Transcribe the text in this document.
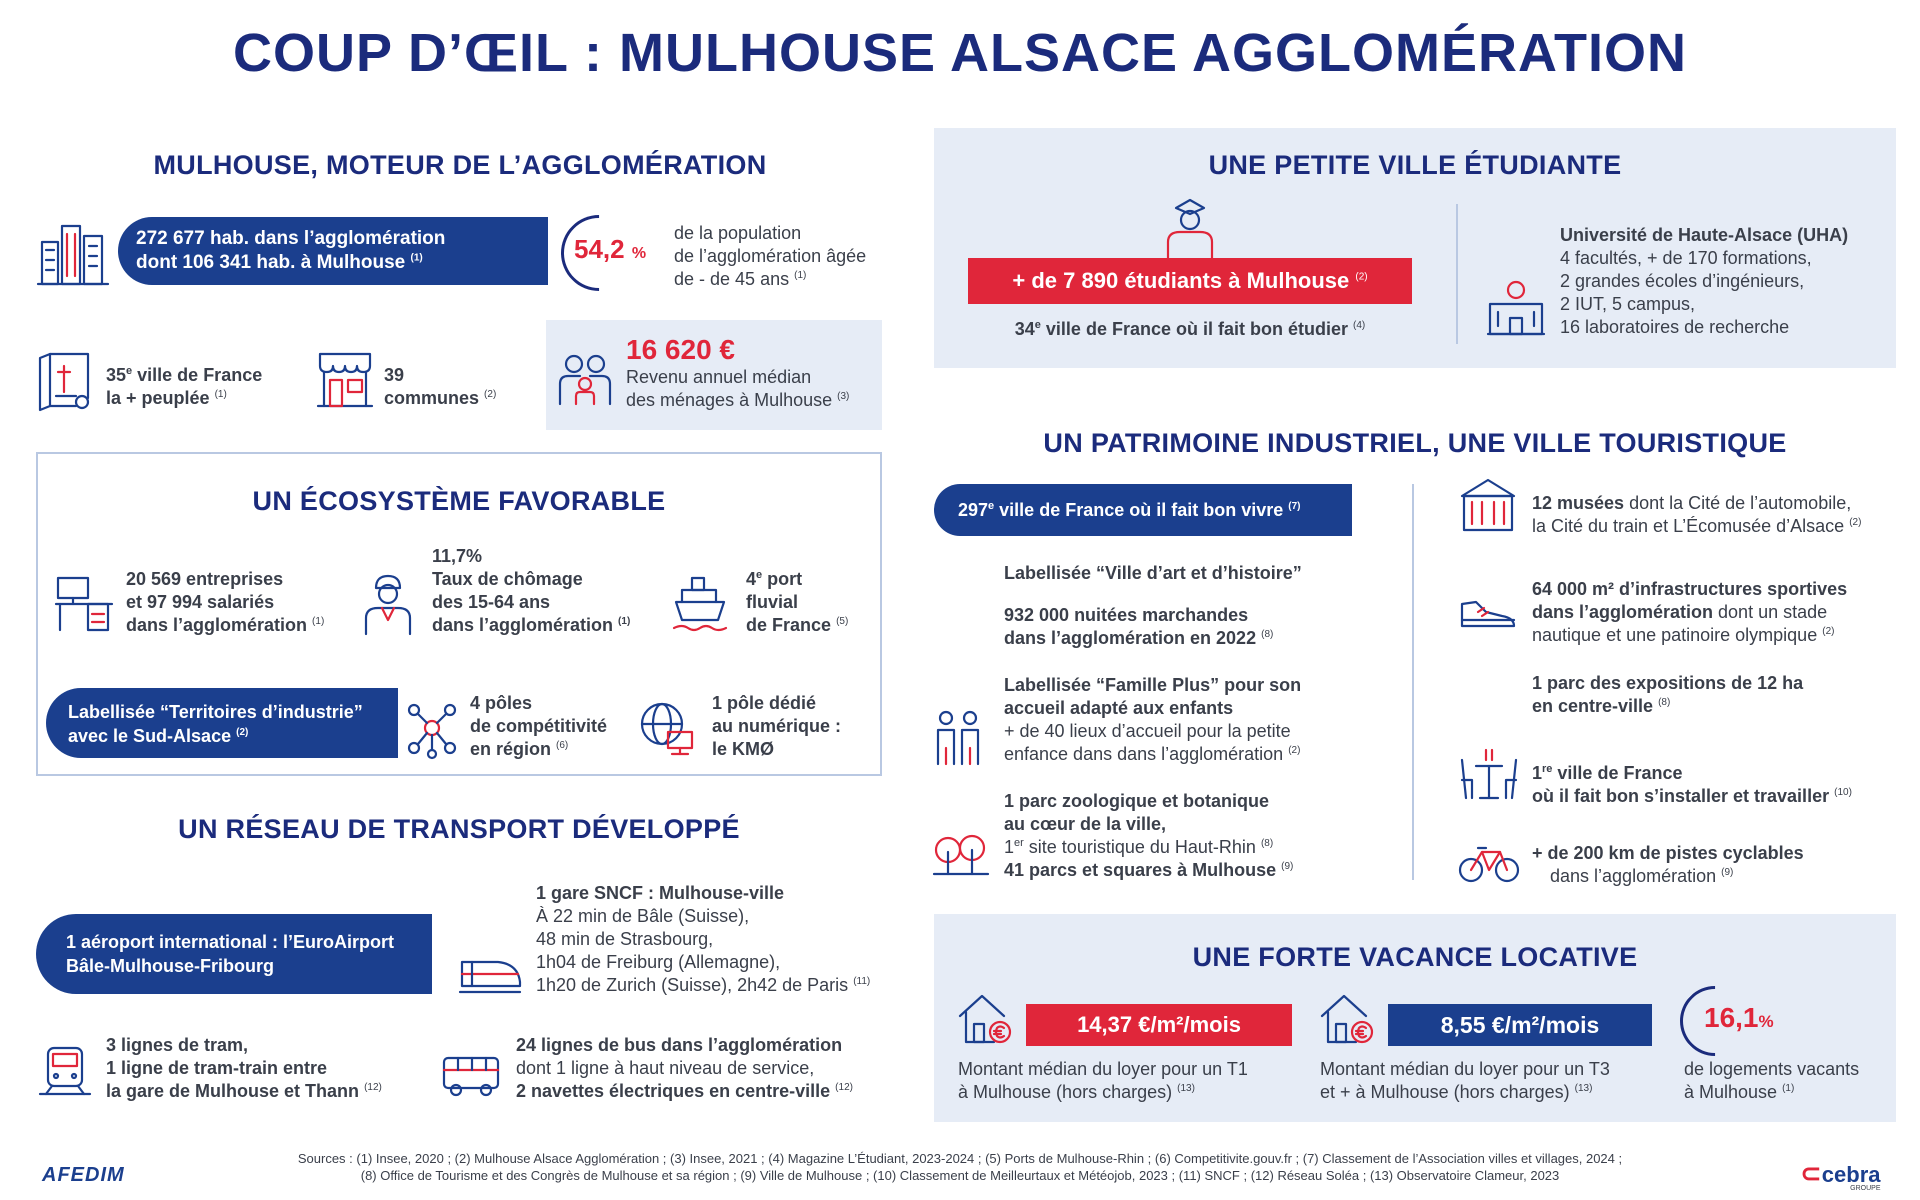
COUP D’ŒIL : MULHOUSE ALSACE AGGLOMÉRATION
MULHOUSE, MOTEUR DE L’AGGLOMÉRATION
272 677 hab. dans l’agglomération
dont 106 341 hab. à Mulhouse $^{(1)}$	54,2 %
de la population
de l’agglomération âgée
de - de 45 ans $^{(1)}$
35e ville de France
la + peuplée $^{(1)}$
39
communes $^{(2)}$
16 620 €
Revenu annuel médian
des ménages à Mulhouse $^{(3)}$
UN ÉCOSYSTÈME FAVORABLE
20 569 entreprises
et 97 994 salariés
dans l’agglomération $^{(1)}$
11,7%
Taux de chômage
des 15-64 ans
dans l’agglomération $^{(1)}$
4e port
fluvial
de France $^{(5)}$
Labellisée “Territoires d’industrie”
avec le Sud-Alsace $^{(2)}$
4 pôles
de compétitivité
en région $^{(6)}$
1 pôle dédié
au numérique :
le KMØ
UN RÉSEAU DE TRANSPORT DÉVELOPPÉ
1 aéroport international : l’EuroAirport
Bâle-Mulhouse-Fribourg
1 gare SNCF : Mulhouse-ville
À 22 min de Bâle (Suisse),
48 min de Strasbourg,
1h04 de Freiburg (Allemagne),
1h20 de Zurich (Suisse), 2h42 de Paris $^{(11)}$
3 lignes de tram,
1 ligne de tram-train entre
la gare de Mulhouse et Thann $^{(12)}$
24 lignes de bus dans l’agglomération
dont 1 ligne à haut niveau de service,
2 navettes électriques en centre-ville $^{(12)}$
UNE PETITE VILLE ÉTUDIANTE
+ de 7 890 étudiants à Mulhouse $^{(2)}$
34e ville de France où il fait bon étudier $^{(4)}$
Université de Haute-Alsace (UHA)
4 facultés, + de 170 formations,
2 grandes écoles d’ingénieurs,
2 IUT, 5 campus,
16 laboratoires de recherche
UN PATRIMOINE INDUSTRIEL, UNE VILLE TOURISTIQUE
297e ville de France où il fait bon vivre $^{(7)}$
Labellisée “Ville d’art et d’histoire”
932 000 nuitées marchandes
dans l’agglomération en 2022 $^{(8)}$
Labellisée “Famille Plus” pour son
accueil adapté aux enfants
+ de 40 lieux d’accueil pour la petite
enfance dans dans l’agglomération $^{(2)}$
1 parc zoologique et botanique
au cœur de la ville,
1er site touristique du Haut-Rhin $^{(8)}$
41 parcs et squares à Mulhouse $^{(9)}$
12 musées dont la Cité de l’automobile,
la Cité du train et L’Écomusée d’Alsace $^{(2)}$
64 000 m² d’infrastructures sportives
dans l’agglomération dont un stade
nautique et une patinoire olympique $^{(2)}$
1 parc des expositions de 12 ha
en centre-ville $^{(8)}$
1re ville de France
où il fait bon s’installer et travailler $^{(10)}$
+ de 200 km de pistes cyclables
dans l’agglomération $^{(9)}$
UNE FORTE VACANCE LOCATIVE
14,37 €/m²/mois
Montant médian du loyer pour un T1
à Mulhouse (hors charges) $^{(13)}$
8,55 €/m²/mois
Montant médian du loyer pour un T3
et + à Mulhouse (hors charges) $^{(13)}$
16,1%
de logements vacants
à Mulhouse $^{(1)}$
AFEDIM
Sources : (1) Insee, 2020 ; (2) Mulhouse Alsace Agglomération ; (3) Insee, 2021 ; (4) Magazine L’Étudiant, 2023-2024 ; (5) Ports de Mulhouse-Rhin ; (6) Competitivite.gouv.fr ; (7) Classement de l’Association villes et villages, 2024 ;
(8) Office de Tourisme et des Congrès de Mulhouse et sa région ; (9) Ville de Mulhouse ; (10) Classement de Meilleurtaux et Météojob, 2023 ; (11) SNCF ; (12) Réseau Soléa ; (13) Observatoire Clameur, 2023	⊂cebra
GROUPE
